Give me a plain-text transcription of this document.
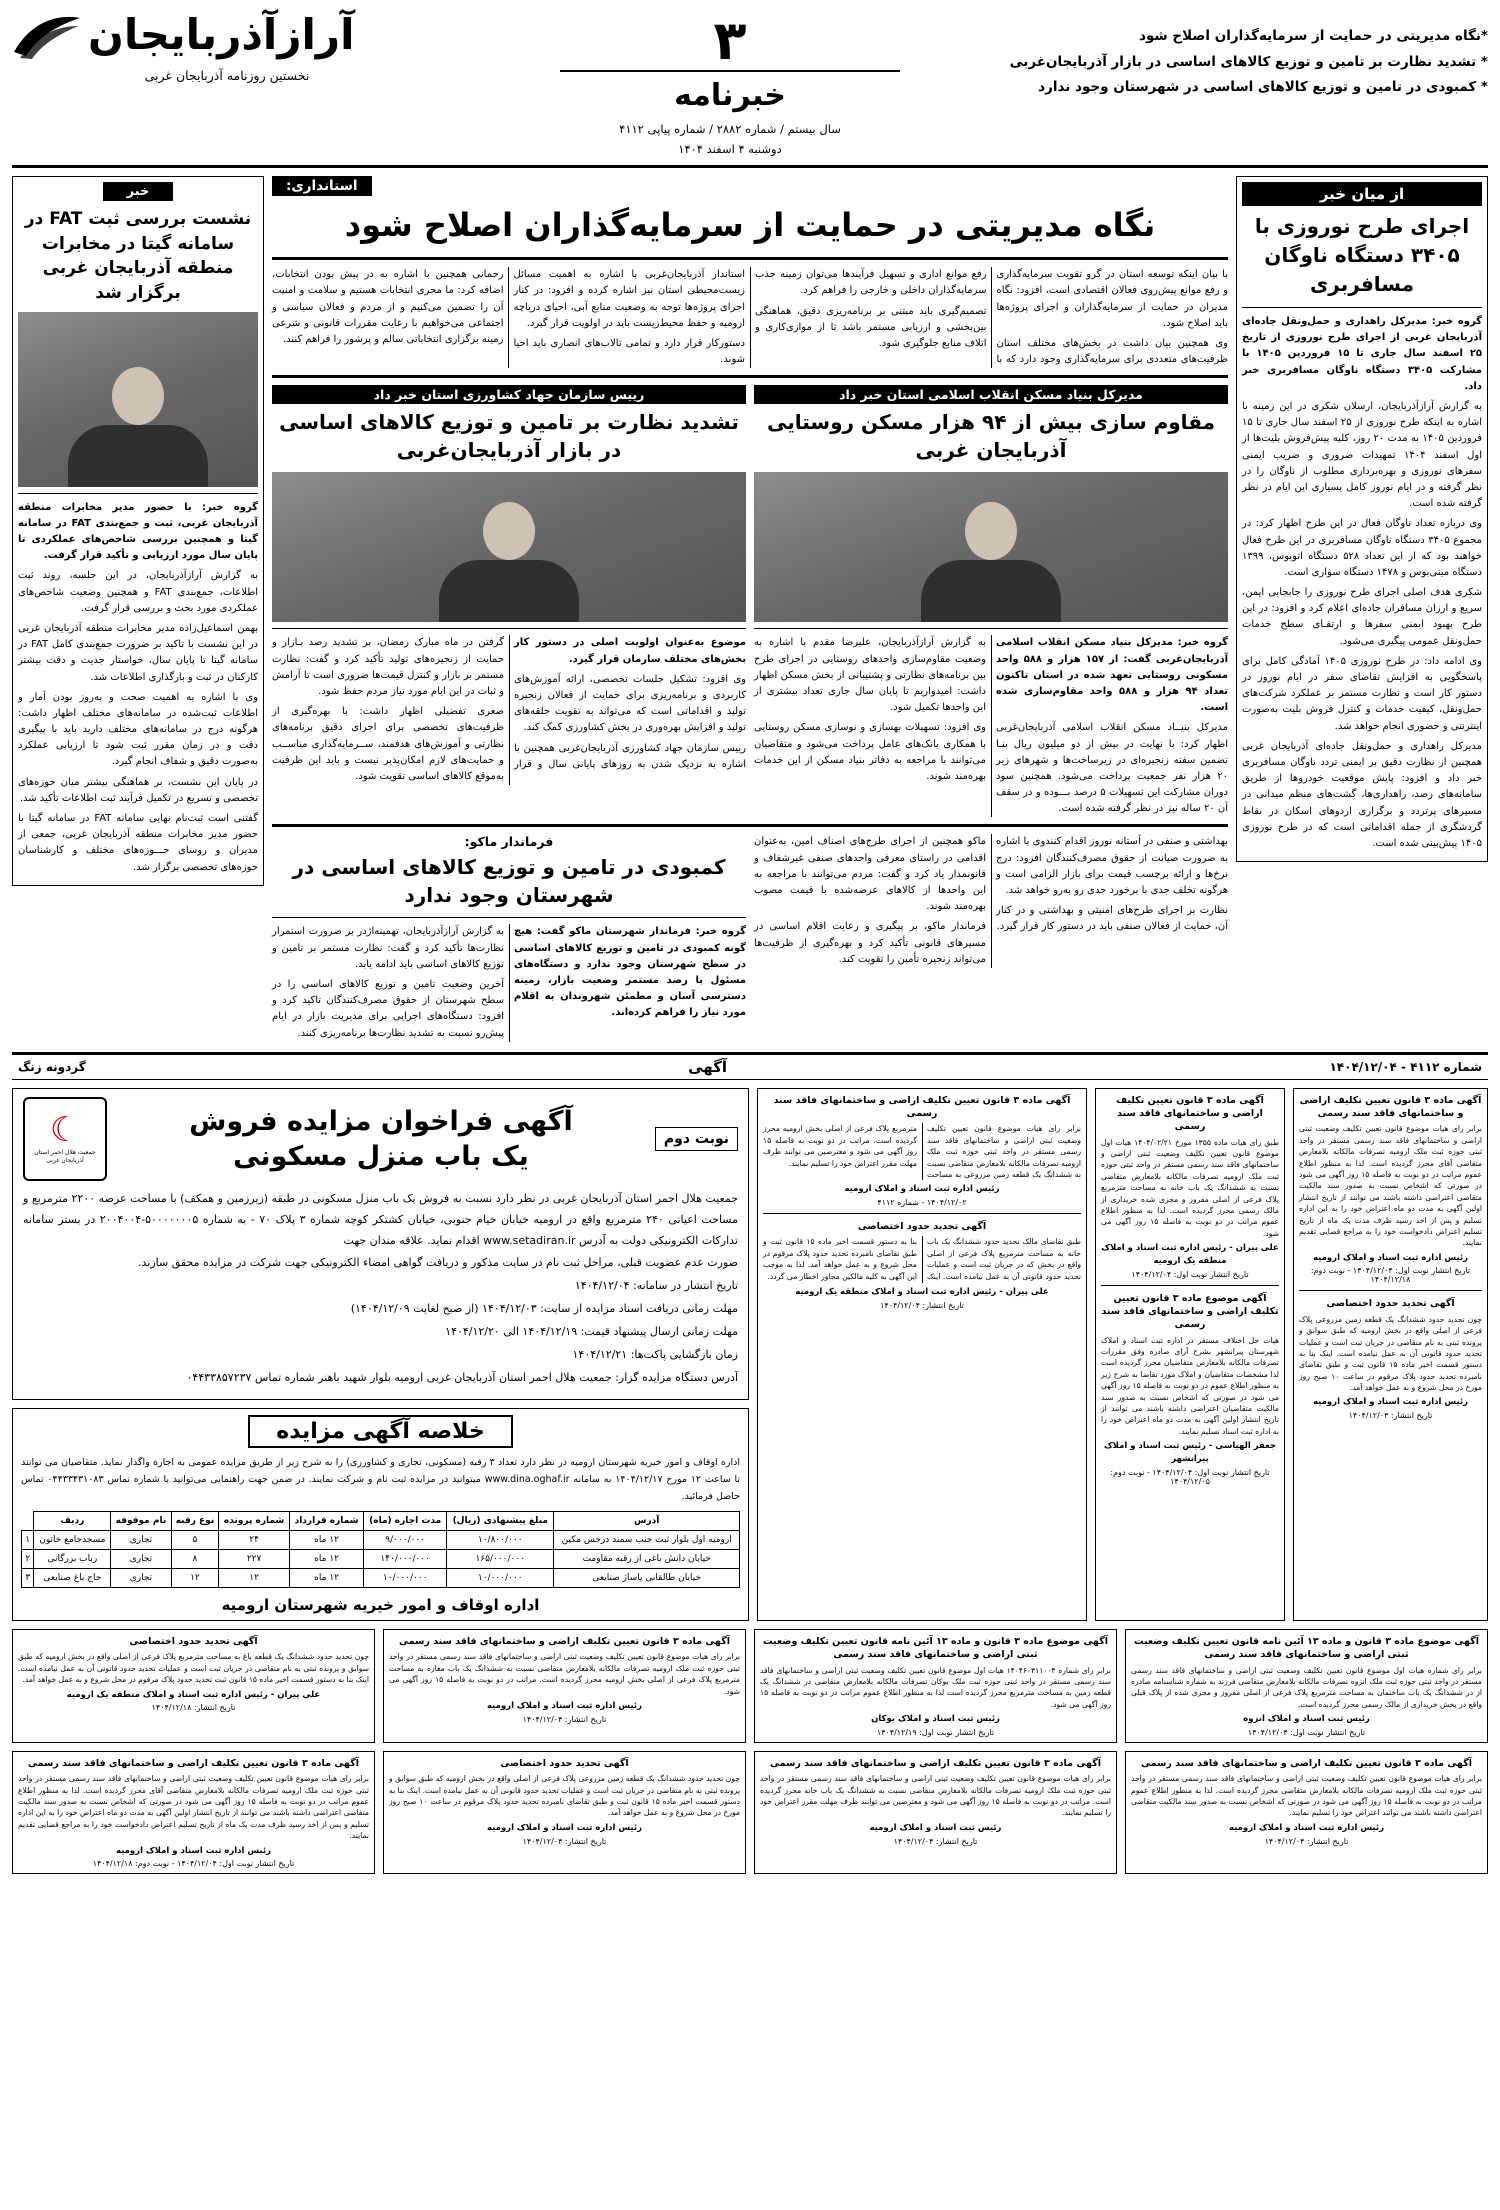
*نگاه مدیریتی در حمایت از سرمایه‌گذاران اصلاح شود
* تشدید نظارت بر تامین و توزیع کالاهای اساسی در بازار آذربایجان‌غربی
* کمبودی در تامین و توزیع کالاهای اساسی در شهرستان وجود ندارد
۳
خبرنامه
سال بیستم / شماره ۲۸۸۲ / شماره پیاپی ۴۱۱۲
دوشنبه ۴ اسفند ۱۴۰۴
آرازآذربایجان
نخستین روزنامه آذربایجان غربی
از میان خبر
اجرای طرح نوروزی با ۳۴۰۵ دستگاه ناوگان مسافربری

گروه خبر: مدیرکل راهداری و حمل‌ونقل جاده‌ای آذربایجان غربی از اجرای طرح نوروزی از تاریخ ۲۵ اسفند سال جاری تا ۱۵ فروردین ۱۴۰۵ با مشارکت ۳۴۰۵ دستگاه ناوگان مسافربری خبر داد.

به گزارش آرازآذربایجان، ارسلان شکری در این زمینه با اشاره به اینکه طرح نوروزی از ۲۵ اسفند سال جاری تا ۱۵ فروردین ۱۴۰۵ به مدت ۲۰ روز، کلیه پیش‌فروش بلیت‌ها از اول اسفند ۱۴۰۴ تمهیدات ضروری و ضریب ایمنی سفرهای نوروزی و بهره‌برداری مطلوب از ناوگان را در نظر گرفته و در ایام نوروز کامل بسیاری این ایام در نظر گرفته شده است.

وی درباره تعداد ناوگان فعال در این طرح اظهار کرد: در مجموع ۳۴۰۵ دستگاه ناوگان مسافربری در این طرح فعال خواهند بود که از این تعداد ۵۲۸ دستگاه اتوبوس، ۱۳۹۹ دستگاه مینی‌بوس و ۱۴۷۸ دستگاه سواری است.

شکری هدف اصلی اجرای طرح نوروزی را جابجایی ایمن، سریع و ارزان مسافران جاده‌ای اعلام کرد و افزود: در این طرح بهبود ایمنی سفرها و ارتقـای سطح خدمات حمل‌ونقل عمومی پیگیری می‌شود.

وی ادامه داد: در طرح نوروزی ۱۴۰۵ آمادگی کامل برای پاسخگویی به افزایش تقاضای سفر در ایام نوروز در دستور کار است و نظارت مستمر بر عملکرد شرکت‌های حمل‌ونقل، کیفیت خدمات و کنترل فروش بلیت به‌صورت اینترنتی و حضوری انجام خواهد شد.

مدیرکل راهداری و حمل‌ونقل جاده‌ای آذربایجان غربی همچنین از نظارت دقیق بر ایمنی تردد ناوگان مسافربری خبر داد و افزود: پایش موقعیت خودروها از طریق سامانه‌های رصد، راهداری‌ها، گشت‌های منظم میدانی در مسیرهای پرتردد و برگزاری اردوهای اسکان در نقاط گردشگری از جمله اقداماتی است که در طرح نوروزی ۱۴۰۵ پیش‌بینی شده است.

استانداری:
نگاه مدیریتی در حمایت از سرمایه‌گذاران اصلاح شود

با بیان اینکه توسعه استان در گرو تقویت سرمایه‌گذاری و رفع موانع پیش‌روی فعالان اقتصادی است، افزود: نگاه مدیران در حمایت از سرمایه‌گذاران و اجرای پروژه‌ها باید اصلاح شود.

وی همچنین بیان داشت در بخش‌های مختلف استان ظرفیت‌های متعددی برای سرمایه‌گذاری وجود دارد که با رفع موانع اداری و تسهیل فرآیندها می‌توان زمینه جذب سرمایه‌گذاران داخلی و خارجی را فراهم کرد.

تصمیم‌گیری باید مبتنی بر برنامه‌ریزی دقیق، هماهنگی بین‌بخشی و ارزیابی مستمر باشد تا از موازی‌کاری و اتلاف منابع جلوگیری شود.

استاندار آذربایجان‌غربی با اشاره به اهمیت مسائل زیست‌محیطی استان نیز اشاره کرده و افزود: در کنار اجرای پروژه‌ها توجه به وضعیت منابع آبی، احیای دریاچه ارومیه و حفظ محیط‌زیست باید در اولویت قرار گیرد.

دستورکار قرار دارد و تمامی تالاب‌های انصاری باید احیا شوند.

رحمانی همچنین با اشاره به در پیش بودن انتخابات، اضافه کرد: ما مجری انتخابات هستیم و سلامت و امنیت آن را تضمین می‌کنیم و از مردم و فعالان سیاسی و اجتماعی می‌خواهیم با رعایت مقررات قانونی و شرعی زمینه برگزاری انتخاباتی سالم و پرشور را فراهم کنند.

مدیرکل بنیاد مسکن انقلاب اسلامی استان خبر داد
مقاوم سازی بیش از ۹۴ هزار مسکن روستایی آذربایجان غربی

گروه خبر: مدیرکل بنیاد مسکن انقلاب اسلامی آذربایجان‌غربی گفت: از ۱۵۷ هزار و ۵۸۸ واحد مسکونی روستایی تعهد شده در استان تاکنون تعداد ۹۴ هزار و ۵۸۸ واحد مقاوم‌سازی شده است.

مدیرکل بنیــاد مسکن انقلاب اسلامی آذربایجان‌غربی اظهار کرد: با نهایت در بیش از دو میلیون ریال بنـا تضمین سفته زنجیره‌ای در زیرساخت‌ها و شهرهای زیر ۲۰ هزار نفر جمعیت پرداخت می‌شود. همچنین سود دوران مشارکت این تسهیلات ۵ درصد بـــوده و در سقف آن ۲۰ ساله نیز در نظر گرفته شده است.

به گزارش آرازآذربایجان، علیرضا مقدم با اشاره به وضعیت مقاوم‌سازی واحدهای روستایی در اجرای طرح بین برنامه‌های نظارتی و پشتیبانی از بخش مسکن اظهار داشت: امیدواریم تا پایان سال جاری تعداد بیشتری از این واحدها تکمیل شود.

وی افزود: تسهیلات بهسازی و نوسازی مسکن روستایی با همکاری بانک‌های عامل پرداخت می‌شود و متقاضیان می‌توانند با مراجعه به دفاتر بنیاد مسکن از این خدمات بهره‌مند شوند.

رییس سازمان جهاد کشاورزی استان خبر داد
تشدید نظارت بر تامین و توزیع کالاهای اساسی در بازار آذربایجان‌غربی

موضوع به‌عنوان اولویت اصلی در دستور کار بخش‌های مختلف سازمان قرار گیرد.

وی افزود: تشکیل جلسات تخصصی، ارائه آموزش‌های کاربردی و برنامه‌ریزی برای حمایت از فعالان زنجیره تولید و اقداماتی است که می‌تواند به تقویت حلقه‌های تولید و افزایش بهره‌وری در بخش کشاورزی کمک کند.

رییس سازمان جهاد کشاورزی آذربایجان‌غربی همچنین با اشاره به نزدیک شدن به روزهای پایانی سال و قرار گرفتن در ماه مبارک رمضان، بر تشدید رصد بـازار و حمایت از زنجیره‌های تولید تأکید کرد و گفت: نظارت مستمر بر بازار و کنترل قیمت‌ها ضروری است تا آرامش و ثبات در این ایام مورد نیاز مردم حفظ شود.

صغری تفضیلی اظهار داشت: با بهره‌گیری از ظرفیت‌های تخصصی برای اجرای دقیق برنامه‌های نظارتی و آموزش‌های هدفمند، ســرمایه‌گذاری مناســب و حمایت‌های لازم امکان‌پذیر نیست و باید این ظرفیت به‌موقع کالاهای اساسی تقویت شود.

بهداشتی و صنفی در آستانه نوروز اقدام کنندوی با اشاره به ضرورت صیانت از حقوق مصرف‌کنندگان افزود: درج نرخ‌ها و ارائه برچسب قیمت برای بازار الزامی است و هرگونه تخلف جدی با برخورد جدی رو به‌رو خواهد شد.

نظارت بر اجرای طرح‌های امنیتی و بهداشتی و در کنار آن، حمایت از فعالان صنفی باید در دستور کار قرار گیرد.

ماکو همچنین از اجرای طرح‌های اصناف امین، به‌عنوان اقدامی در راستای معرفی واحدهای صنفی غیرشفاف و قانونمدار یاد کرد و گفت: مردم می‌توانند با مراجعه به این واحدها از کالاهای عرضه‌شده با قیمت مصوب بهره‌مند شوند.

فرماندار ماکو، بر پیگیری و رعایت اقلام اساسی در مسیرهای قانونی تأکید کرد و بهره‌گیری از ظرفیت‌ها می‌تواند زنجیره تأمین را تقویت کند.

فرماندار ماکو:
کمبودی در تامین و توزیع کالاهای اساسی در شهرستان وجود ندارد

گروه خبر: فرماندار شهرستان ماکو گفت: هیچ گونه کمبودی در تامین و توزیع کالاهای اساسی در سطح شهرستان وجود ندارد و دستگاه‌های مسئول با رصد مستمر وضعیت بازار، زمینه دسترسی آسان و مطمئن شهروندان به اقلام مورد نیاز را فراهم کرده‌اند.

به گزارش آرازآذربایجان، تهمینه‌اژدر بر ضرورت استمرار نظارت‌ها تأکید کرد و گفت: نظارت مستمر بر تامین و توزیع کالاهای اساسی باید ادامه یابد.

آخرین وضعیت تامین و توزیع کالاهای اساسی را در سطح شهرستان از حقوق مصرف‌کنندگان تاکید کرد و افزود: دستگاه‌های اجرایی برای مدیریت بازار در ایام پیش‌رو نسبت به تشدید نظارت‌ها برنامه‌ریزی کنند.

خبر
نشست بررسی ثبت FAT در سامانه گیتا در مخابرات منطقه آذربایجان غربی برگزار شد

گروه خبر: با حضور مدیر مخابرات منطقه آذربایجان غربی، ثبت و جمع‌بندی FAT در سامانه گیتا و همچنین بررسی شاخص‌های عملکردی تا پایان سال مورد ارزیابی و تأکید قرار گرفت.

به گزارش آرازآذربایجان، در این جلسه، روند ثبت اطلاعات، جمع‌بندی FAT و همچنین وضعیت شاخص‌های عملکردی مورد بحث و بررسی قرار گرفت.

بهمن اسماعیل‌زاده مدیر مخابرات منطقه آذربایجان غربی در این نشست با تاکید بر ضرورت جمع‌بندی کامل FAT در سامانه گیتا تا پایان سال، خواستار جدیت و دقت بیشتر کارکنان در ثبت و بارگذاری اطلاعات شد.

وی با اشاره به اهمیت صحت و به‌روز بودن آمار و اطلاعات ثبت‌شده در سامانه‌های مختلف اظهار داشت: هرگونه درج در سامانه‌های مختلف دارید باید با پیگیری دقت و در زمان مقرر ثبت شود تا ارزیابی عملکرد به‌صورت دقیق و شفاف انجام گیرد.

در پایان این نشست، بر هماهنگی بیشتر میان حوزه‌های تخصصی و تسریع در تکمیل فرآیند ثبت اطلاعات تأکید شد.

گفتنی است ثبت‌نام نهایی سامانه FAT در سامانه گیتا با حضور مدیر مخابرات منطقه آذربایجان غربی، جمعی از مدیران و روسای حـــوزه‌های مختلف و کارشناسان حوزه‌های تخصصی برگزار شد.

شماره ۴۱۱۲ - ۱۴۰۴/۱۲/۰۴
آگهی
گردونه زنگ
آگهی ماده ۳ قانون تعیین تکلیف اراضی و ساختمانهای فاقد سند رسمی

برابر رای هیات موضوع قانون تعیین تکلیف وضعیت ثبتی اراضی و ساختمانهای فاقد سند رسمی مستقر در واحد ثبتی حوزه ثبت ملک ارومیه تصرفات مالکانه بلامعارض متقاضی آقای محرز گردیده است. لذا به منظور اطلاع عموم مراتب در دو نوبت به فاصله ۱۵ روز آگهی می شود در صورتی که اشخاص نسبت به صدور سند مالکیت متقاضی اعتراضی داشته باشند می توانند از تاریخ انتشار اولین آگهی به مدت دو ماه اعتراض خود را به این اداره تسلیم و پس از اخذ رسید ظرف مدت یک ماه از تاریخ تسلیم اعتراض دادخواست خود را به مراجع قضایی تقدیم نمایند.

رئیس اداره ثبت اسناد و املاک ارومیه
تاریخ انتشار نوبت اول: ۱۴۰۴/۱۲/۰۴ - نوبت دوم: ۱۴۰۴/۱۲/۱۸
آگهی تحدید حدود اختصاصی

چون تحدید حدود ششدانگ یک قطعه زمین مزروعی پلاک فرعی از اصلی واقع در بخش ارومیه که طبق سوابق و پرونده ثبتی به نام متقاضی در جریان ثبت است و عملیات تحدید حدود قانونی آن به عمل نیامده است. اینک بنا به دستور قسمت اخیر ماده ۱۵ قانون ثبت و طبق تقاضای نامبرده تحدید حدود پلاک مرقوم در ساعت ۱۰ صبح روز مورخ در محل شروع و به عمل خواهد آمد.

رئیس اداره ثبت اسناد و املاک ارومیه
تاریخ انتشار: ۱۴۰۴/۱۲/۰۴
آگهی ماده ۳ قانون تعیین تکلیف اراضی و ساختمانهای فاقد سند رسمی

طبق رای هیات ماده ۱۳۵۵ مورخ ۱۴۰۴/۰۲/۲۱ هیات اول موضوع قانون تعیین تکلیف وضعیت ثبتی اراضی و ساختمانهای فاقد سند رسمی مستقر در واحد ثبتی حوزه ثبت ملک ارومیه تصرفات مالکانه بلامعارض متقاضی نسبت به ششدانگ یک باب خانه به مساحت مترمربع پلاک فرعی از اصلی مفروز و مجزی شده خریداری از مالک رسمی محرز گردیده است. لذا به منظور اطلاع عموم مراتب در دو نوبت به فاصله ۱۵ روز آگهی می شود.

علی پیران - رئیس اداره ثبت اسناد و املاک منطقه یک ارومیه
تاریخ انتشار نوبت اول: ۱۴۰۴/۱۲/۰۴
آگهی موضوع ماده ۳ قانون تعیین تکلیف اراضی و ساختمانهای فاقد سند رسمی

هیات حل اختلاف مستقر در اداره ثبت اسناد و املاک شهرستان پیرانشهر بشرح آرای صادره وفق مقررات تصرفات مالکانه بلامعارض متقاضیان محرز گردیده است لذا مشخصات متقاضیان و املاک مورد تقاضا به شرح زیر به منظور اطلاع عموم در دو نوبت به فاصله ۱۵ روز آگهی می شود در صورتی که اشخاص نسبت به صدور سند مالکیت متقاضیان اعتراضی داشته باشند می توانند از تاریخ انتشار اولین آگهی به مدت دو ماه اعتراض خود را به اداره ثبت اسناد تسلیم نمایند.

جعفر الهیاسی - رئیس ثبت اسناد و املاک پیرانشهر
تاریخ انتشار نوبت اول: ۱۴۰۴/۱۲/۰۴ - نوبت دوم: ۱۴۰۴/۱۲/۰۵
آگهی ماده ۳ قانون تعیین تکلیف اراضی و ساختمانهای فاقد سند رسمی

برابر رای هیات موضوع قانون تعیین تکلیف وضعیت ثبتی اراضی و ساختمانهای فاقد سند رسمی مستقر در واحد ثبتی حوزه ثبت ملک ارومیه تصرفات مالکانه بلامعارض متقاضی نسبت به ششدانگ یک قطعه زمین مزروعی به مساحت مترمربع پلاک فرعی از اصلی بخش ارومیه محرز گردیده است. مراتب در دو نوبت به فاصله ۱۵ روز آگهی می شود و معترضین می توانند ظرف مهلت مقرر اعتراض خود را تسلیم نمایند.

رئیس اداره ثبت اسناد و املاک ارومیه
۱۴۰۴/۱۲/۰۲ - شماره ۴۱۱۲
آگهی تحدید حدود اختصاصی

طبق تقاضای مالک تحدید حدود ششدانگ یک باب خانه به مساحت مترمربع پلاک فرعی از اصلی واقع در بخش که در جریان ثبت است و عملیات تحدید حدود قانونی آن به عمل نیامده است. اینک بنا به دستور قسمت اخیر ماده ۱۵ قانون ثبت و طبق تقاضای نامبرده تحدید حدود پلاک مرقوم در محل شروع و به عمل خواهد آمد. لذا به موجب این آگهی به کلیه مالکین مجاور اخطار می گردد.

علی پیران - رئیس اداره ثبت اسناد و املاک منطقه یک ارومیه
تاریخ انتشار: ۱۴۰۴/۱۲/۰۴
نوبت دوم
آگهی فراخوان مزایده فروش
یک باب منزل مسکونی
☾
جمعیت هلال احمر استان آذربایجان غربی
جمعیت هلال احمر استان آذربایجان غربی در نظر دارد نسبت به فروش یک باب منزل مسکونی در طبقه (زیرزمین و همکف) با مساحت عرصه ۲۲۰۰ مترمربع و مساحت اعیانی ۲۴۰ مترمربع واقع در ارومیه خیابان خیام جنوبی، خیابان کشتکر کوچه شماره ۳ پلاک ۷۰ - به شماره ۵۰۰۰۰۰۰۰۵-۲۰۰۴۰۰۴ در بستر سامانه تدارکات الکترونیکی دولت به آدرس www.setadiran.ir اقدام نماید. علاقه مندان جهت
صورت عدم عضویت قبلی، مراحل ثبت نام در سایت مذکور و دریافت گواهی امضاء الکترونیکی جهت شرکت در مزایده محقق سازند.
تاریخ انتشار در سامانه: ۱۴۰۴/۱۲/۰۴
مهلت زمانی دریافت اسناد مزایده از سایت: ۱۴۰۴/۱۲/۰۳ (از صبح لغایت ۱۴۰۴/۱۲/۰۹)
مهلت زمانی ارسال پیشنهاد قیمت: ۱۴۰۴/۱۲/۱۹ الی ۱۴۰۴/۱۲/۲۰
زمان بازگشایی پاکت‌ها: ۱۴۰۴/۱۲/۲۱
آدرس دستگاه مزایده گزار: جمعیت هلال احمر استان آذربایجان غربی ارومیه بلوار شهید باهنر شماره تماس ۰۴۴۳۳۸۵۷۲۳۷
خلاصه آگهی مزایده
اداره اوقاف و امور خیریه شهرستان ارومیه در نظر دارد تعداد ۳ رقبه (مسکونی، تجاری و کشاورزی) را به شرح زیر از طریق مزایده عمومی به اجاره واگذار نماید. متقاضیان می توانند تا ساعت ۱۲ مورخ ۱۴۰۴/۱۲/۱۷ به سامانه www.dina.oghaf.ir میتوانید در مزایده ثبت نام و شرکت نمایند. در ضمن جهت راهنمایی می‌توانید با شماره تماس ۰۴۴۳۳۴۳۱۰۸۳ تماس حاصل فرمائید.
آدرس	مبلغ پیشنهادی (ریال)	مدت اجاره (ماه)	شماره قرارداد	شماره پرونده	نوع رقبه	نام موقوفه	ردیف	
ارومیه اول بلوار ثبت جنب سمند درجس مکین	۱۰/۸۰۰/۰۰۰	۹/۰۰۰/۰۰۰	۱۲ ماه	۲۴	۵	تجاری	مسجدجامع خاتون	۱
خیابان دانش باغی از رقبه مقاومت	۱۶۵/۰۰۰/۰۰۰	۱۴۰/۰۰۰/۰۰۰	۱۲ ماه	۲۲۷	۸	تجاری	رباب بزرگانی	۲
خیابان طالقانی پاساژ صنایعی	۱۰/۰۰۰/۰۰۰	۱۰/۰۰۰/۰۰۰	۱۲ ماه	۱۲	۱۲	تجاری	حاج باغ صنایعی	۳
اداره اوقاف و امور خیریه شهرستان ارومیه
آگهی موضوع ماده ۳ قانون و ماده ۱۳ آئین نامه قانون تعیین تکلیف وضعیت ثبتی اراضی و ساختمانهای فاقد سند رسمی

برابر رای شماره هیات اول موضوع قانون تعیین تکلیف وضعیت ثبتی اراضی و ساختمانهای فاقد سند رسمی مستقر در واحد ثبتی حوزه ثبت ملک انزوه تصرفات مالکانه بلامعارض متقاضی فرزند به شماره شناسنامه صادره از در ششدانگ یک باب ساختمان به مساحت مترمربع پلاک فرعی از اصلی مفروز و مجزی شده از پلاک قبلی واقع در بخش خریداری از مالک رسمی محرز گردیده است.

رئیس ثبت اسناد و املاک انزوه
تاریخ انتشار نوبت اول: ۱۴۰۴/۱۲/۰۴
آگهی موضوع ماده ۳ قانون و ماده ۱۳ آئین نامه قانون تعیین تکلیف وضعیت ثبتی اراضی و ساختمانهای فاقد سند رسمی

برابر رای شماره ۱۴۰۴۶۰۳۱۱۰۰۴ هیات اول موضوع قانون تعیین تکلیف وضعیت ثبتی اراضی و ساختمانهای فاقد سند رسمی مستقر در واحد ثبتی حوزه ثبت ملک بوکان تصرفات مالکانه بلامعارض متقاضی در ششدانگ یک قطعه زمین به مساحت مترمربع محرز گردیده است لذا به منظور اطلاع عموم مراتب در دو نوبت به فاصله ۱۵ روز آگهی می شود.

رئیس ثبت اسناد و املاک بوکان
تاریخ انتشار نوبت اول: ۱۴۰۴/۱۲/۱۹
آگهی ماده ۳ قانون تعیین تکلیف اراضی و ساختمانهای فاقد سند رسمی

برابر رای هیات موضوع قانون تعیین تکلیف وضعیت ثبتی اراضی و ساختمانهای فاقد سند رسمی مستقر در واحد ثبتی حوزه ثبت ملک ارومیه تصرفات مالکانه بلامعارض متقاضی نسبت به ششدانگ یک باب مغازه به مساحت مترمربع پلاک فرعی از اصلی بخش ارومیه محرز گردیده است. مراتب در دو نوبت به فاصله ۱۵ روز آگهی می شود.

رئیس اداره ثبت اسناد و املاک ارومیه
تاریخ انتشار: ۱۴۰۴/۱۲/۰۴
آگهی تحدید حدود اختصاصی

چون تحدید حدود ششدانگ یک قطعه باغ به مساحت مترمربع پلاک فرعی از اصلی واقع در بخش ارومیه که طبق سوابق و پرونده ثبتی به نام متقاضی در جریان ثبت است و عملیات تحدید حدود قانونی آن به عمل نیامده است. اینک بنا به دستور قسمت اخیر ماده ۱۵ قانون ثبت تحدید حدود پلاک مرقوم در محل شروع و به عمل خواهد آمد.

علی پیران - رئیس اداره ثبت اسناد و املاک منطقه یک ارومیه
تاریخ انتشار: ۱۴۰۴/۱۲/۱۸
آگهی ماده ۳ قانون تعیین تکلیف اراضی و ساختمانهای فاقد سند رسمی

برابر رای هیات موضوع قانون تعیین تکلیف وضعیت ثبتی اراضی و ساختمانهای فاقد سند رسمی مستقر در واحد ثبتی حوزه ثبت ملک ارومیه تصرفات مالکانه بلامعارض متقاضی محرز گردیده است. لذا به منظور اطلاع عموم مراتب در دو نوبت به فاصله ۱۵ روز آگهی می شود در صورتی که اشخاص نسبت به صدور سند مالکیت متقاضی اعتراضی داشته باشند می توانند اعتراض خود را تسلیم نمایند.

رئیس اداره ثبت اسناد و املاک ارومیه
تاریخ انتشار: ۱۴۰۴/۱۲/۰۴
آگهی ماده ۳ قانون تعیین تکلیف اراضی و ساختمانهای فاقد سند رسمی

برابر رای هیات موضوع قانون تعیین تکلیف وضعیت ثبتی اراضی و ساختمانهای فاقد سند رسمی مستقر در واحد ثبتی حوزه ثبت ملک ارومیه تصرفات مالکانه بلامعارض متقاضی نسبت به ششدانگ یک باب خانه محرز گردیده است. مراتب در دو نوبت به فاصله ۱۵ روز آگهی می شود و معترضین می توانند ظرف مهلت مقرر اعتراض خود را تسلیم نمایند.

رئیس ثبت اسناد و املاک ارومیه
تاریخ انتشار: ۱۴۰۴/۱۲/۰۴
آگهی تحدید حدود اختصاصی

چون تحدید حدود ششدانگ یک قطعه زمین مزروعی پلاک فرعی از اصلی واقع در بخش ارومیه که طبق سوابق و پرونده ثبتی به نام متقاضی در جریان ثبت است و عملیات تحدید حدود قانونی آن به عمل نیامده است. اینک بنا به دستور قسمت اخیر ماده ۱۵ قانون ثبت و طبق تقاضای نامبرده تحدید حدود پلاک مرقوم در ساعت ۱۰ صبح روز مورخ در محل شروع و به عمل خواهد آمد.

رئیس اداره ثبت اسناد و املاک ارومیه
تاریخ انتشار: ۱۴۰۴/۱۲/۰۴
آگهی ماده ۳ قانون تعیین تکلیف اراضی و ساختمانهای فاقد سند رسمی

برابر رای هیات موضوع قانون تعیین تکلیف وضعیت ثبتی اراضی و ساختمانهای فاقد سند رسمی مستقر در واحد ثبتی حوزه ثبت ملک ارومیه تصرفات مالکانه بلامعارض متقاضی آقای محرز گردیده است. لذا به منظور اطلاع عموم مراتب در دو نوبت به فاصله ۱۵ روز آگهی می شود در صورتی که اشخاص نسبت به صدور سند مالکیت متقاضی اعتراضی داشته باشند می توانند از تاریخ انتشار اولین آگهی به مدت دو ماه اعتراض خود را به این اداره تسلیم و پس از اخذ رسید ظرف مدت یک ماه از تاریخ تسلیم اعتراض دادخواست خود را به مراجع قضایی تقدیم نمایند.

رئیس اداره ثبت اسناد و املاک ارومیه
تاریخ انتشار نوبت اول: ۱۴۰۴/۱۲/۰۴ - نوبت دوم: ۱۴۰۴/۱۲/۱۸
